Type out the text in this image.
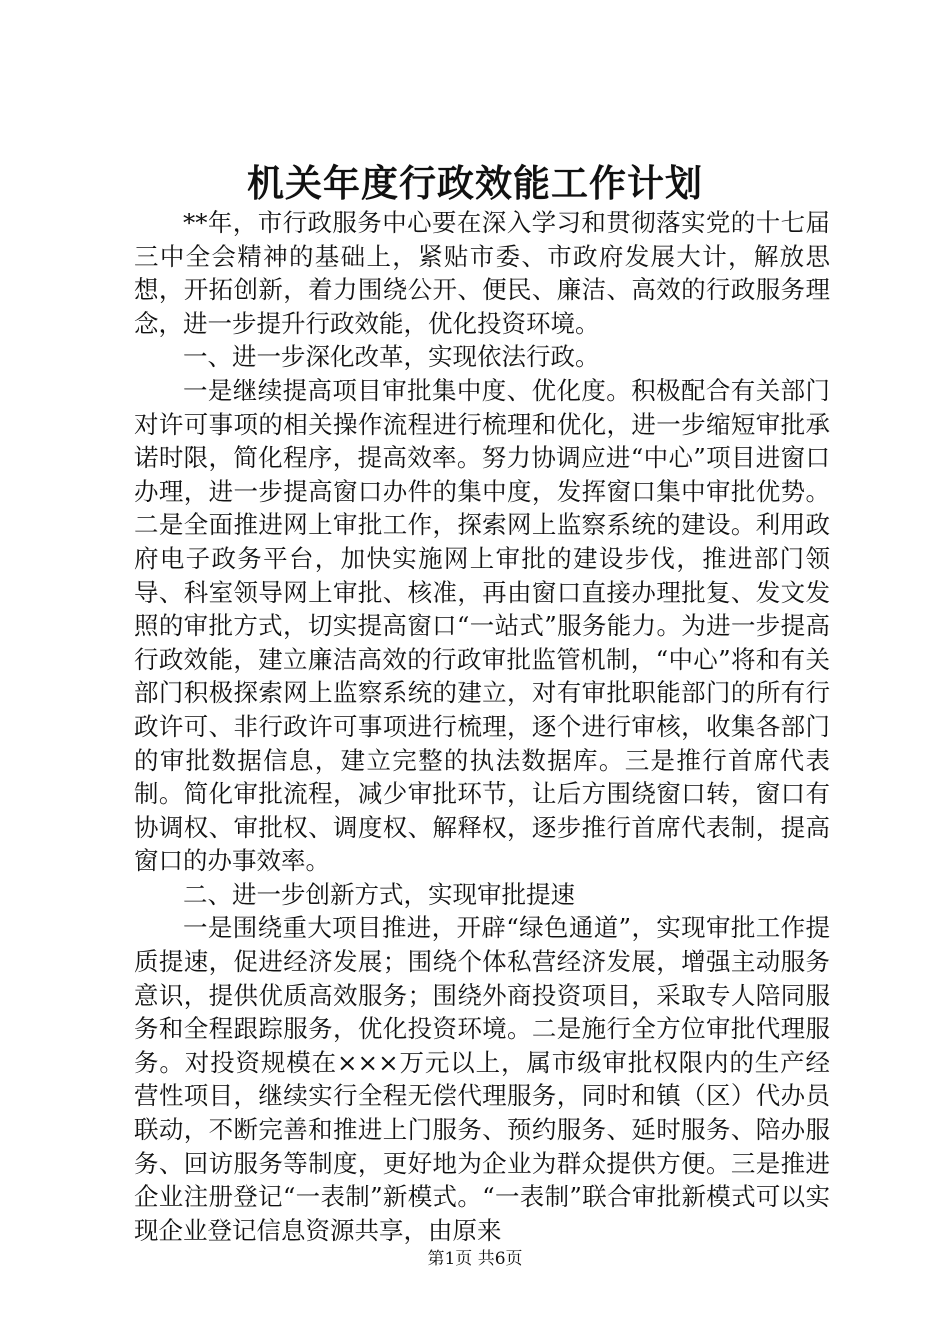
机关年度行政效能工作计划

**年，市行政服务中心要在深入学习和贯彻落实党的十七届三中全会精神的基础上，紧贴市委、市政府发展大计，解放思想，开拓创新，着力围绕公开、便民、廉洁、高效的行政服务理念，进一步提升行政效能，优化投资环境。

一、进一步深化改革，实现依法行政。

一是继续提高项目审批集中度、优化度。积极配合有关部门对许可事项的相关操作流程进行梳理和优化，进一步缩短审批承诺时限，简化程序，提高效率。努力协调应进“中心”项目进窗口办理，进一步提高窗口办件的集中度，发挥窗口集中审批优势。二是全面推进网上审批工作，探索网上监察系统的建设。利用政府电子政务平台，加快实施网上审批的建设步伐，推进部门领导、科室领导网上审批、核准，再由窗口直接办理批复、发文发照的审批方式，切实提高窗口“一站式”服务能力。为进一步提高行政效能，建立廉洁高效的行政审批监管机制，“中心”将和有关部门积极探索网上监察系统的建立，对有审批职能部门的所有行政许可、非行政许可事项进行梳理，逐个进行审核，收集各部门的审批数据信息，建立完整的执法数据库。三是推行首席代表制。简化审批流程，减少审批环节，让后方围绕窗口转，窗口有协调权、审批权、调度权、解释权，逐步推行首席代表制，提高窗口的办事效率。

二、进一步创新方式，实现审批提速

一是围绕重大项目推进，开辟“绿色通道”，实现审批工作提质提速，促进经济发展；围绕个体私营经济发展，增强主动服务意识，提供优质高效服务；围绕外商投资项目，采取专人陪同服务和全程跟踪服务，优化投资环境。二是施行全方位审批代理服务。对投资规模在×××万元以上，属市级审批权限内的生产经营性项目，继续实行全程无偿代理服务，同时和镇（区）代办员联动，不断完善和推进上门服务、预约服务、延时服务、陪办服务、回访服务等制度，更好地为企业为群众提供方便。三是推进企业注册登记“一表制”新模式。“一表制”联合审批新模式可以实现企业登记信息资源共享，由原来

第1页 共6页
